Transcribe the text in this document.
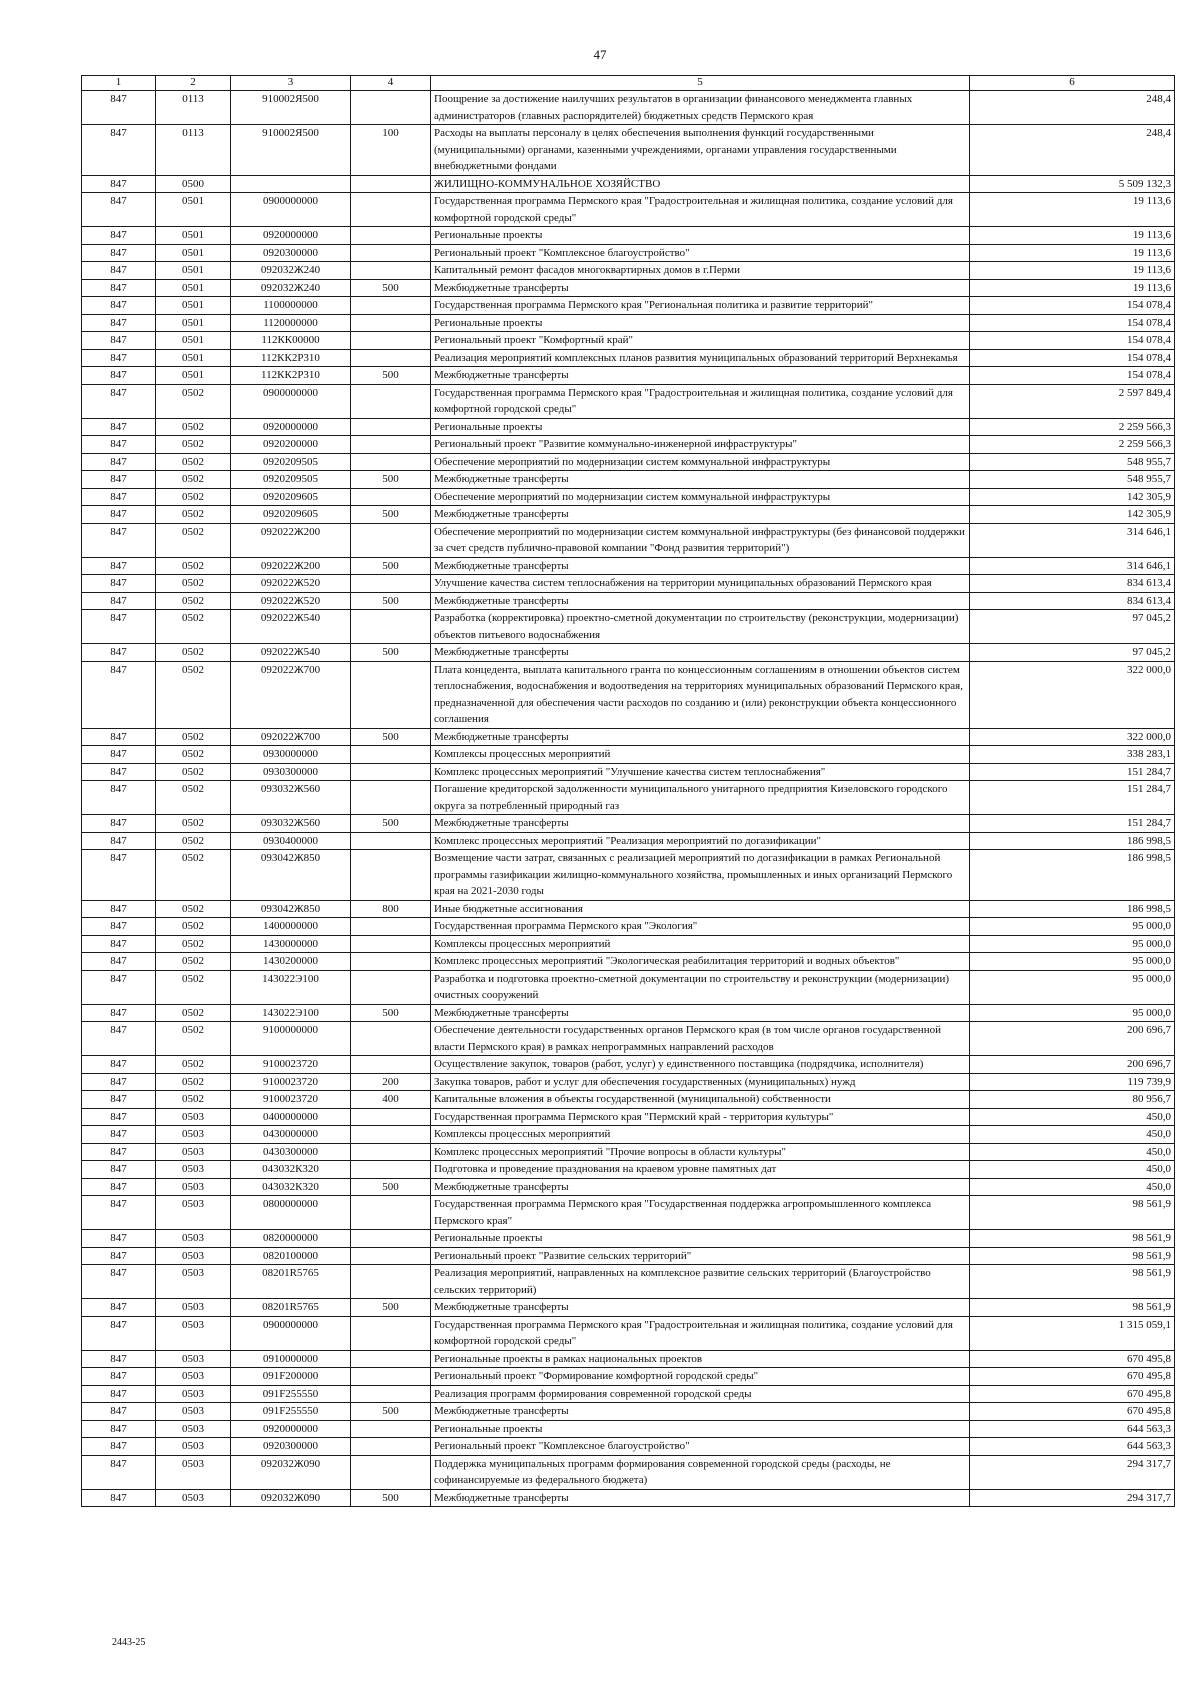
47
1	2	3	4	5	6
847	0113	910002Я500		Поощрение за достижение наилучших результатов в организации финансового менеджмента главных администраторов (главных распорядителей) бюджетных средств Пермского края	248,4
847	0113	910002Я500	100	Расходы на выплаты персоналу в целях обеспечения выполнения функций государственными (муниципальными) органами, казенными учреждениями, органами управления государственными внебюджетными фондами	248,4
847	0500			ЖИЛИЩНО-КОММУНАЛЬНОЕ ХОЗЯЙСТВО	5 509 132,3
847	0501	0900000000		Государственная программа Пермского края "Градостроительная и жилищная политика, создание условий для комфортной городской среды"	19 113,6
847	0501	0920000000		Региональные проекты	19 113,6
847	0501	0920300000		Региональный проект "Комплексное благоустройство"	19 113,6
847	0501	092032Ж240		Капитальный ремонт фасадов многоквартирных домов в г.Перми	19 113,6
847	0501	092032Ж240	500	Межбюджетные трансферты	19 113,6
847	0501	1100000000		Государственная программа Пермского края "Региональная политика и развитие территорий"	154 078,4
847	0501	1120000000		Региональные проекты	154 078,4
847	0501	112КК00000		Региональный проект "Комфортный край"	154 078,4
847	0501	112КК2Р310		Реализация мероприятий комплексных планов развития муниципальных образований территорий Верхнекамья	154 078,4
847	0501	112КК2Р310	500	Межбюджетные трансферты	154 078,4
847	0502	0900000000		Государственная программа Пермского края "Градостроительная и жилищная политика, создание условий для комфортной городской среды"	2 597 849,4
847	0502	0920000000		Региональные проекты	2 259 566,3
847	0502	0920200000		Региональный проект "Развитие коммунально-инженерной инфраструктуры"	2 259 566,3
847	0502	0920209505		Обеспечение мероприятий по модернизации систем коммунальной инфраструктуры	548 955,7
847	0502	0920209505	500	Межбюджетные трансферты	548 955,7
847	0502	0920209605		Обеспечение мероприятий по модернизации систем коммунальной инфраструктуры	142 305,9
847	0502	0920209605	500	Межбюджетные трансферты	142 305,9
847	0502	092022Ж200		Обеспечение мероприятий по модернизации систем коммунальной инфраструктуры (без финансовой поддержки за счет средств публично-правовой компании "Фонд развития территорий")	314 646,1
847	0502	092022Ж200	500	Межбюджетные трансферты	314 646,1
847	0502	092022Ж520		Улучшение качества систем теплоснабжения на территории муниципальных образований Пермского края	834 613,4
847	0502	092022Ж520	500	Межбюджетные трансферты	834 613,4
847	0502	092022Ж540		Разработка (корректировка) проектно-сметной документации по строительству (реконструкции, модернизации) объектов питьевого водоснабжения	97 045,2
847	0502	092022Ж540	500	Межбюджетные трансферты	97 045,2
847	0502	092022Ж700		Плата концедента, выплата капитального гранта по концессионным соглашениям в отношении объектов систем теплоснабжения, водоснабжения и водоотведения на территориях муниципальных образований Пермского края, предназначенной для обеспечения части расходов по созданию и (или) реконструкции объекта концессионного соглашения	322 000,0
847	0502	092022Ж700	500	Межбюджетные трансферты	322 000,0
847	0502	0930000000		Комплексы процессных мероприятий	338 283,1
847	0502	0930300000		Комплекс процессных мероприятий "Улучшение качества систем теплоснабжения"	151 284,7
847	0502	093032Ж560		Погашение кредиторской задолженности муниципального унитарного предприятия Кизеловского городского округа за потребленный природный газ	151 284,7
847	0502	093032Ж560	500	Межбюджетные трансферты	151 284,7
847	0502	0930400000		Комплекс процессных мероприятий "Реализация мероприятий по догазификации"	186 998,5
847	0502	093042Ж850		Возмещение части затрат, связанных с реализацией мероприятий по догазификации в рамках Региональной программы газификации жилищно-коммунального хозяйства, промышленных и иных организаций Пермского края на 2021-2030 годы	186 998,5
847	0502	093042Ж850	800	Иные бюджетные ассигнования	186 998,5
847	0502	1400000000		Государственная программа Пермского края "Экология"	95 000,0
847	0502	1430000000		Комплексы процессных мероприятий	95 000,0
847	0502	1430200000		Комплекс процессных мероприятий "Экологическая реабилитация территорий и водных объектов"	95 000,0
847	0502	143022Э100		Разработка и подготовка проектно-сметной документации по строительству и реконструкции (модернизации) очистных сооружений	95 000,0
847	0502	143022Э100	500	Межбюджетные трансферты	95 000,0
847	0502	9100000000		Обеспечение деятельности государственных органов Пермского края (в том числе органов государственной власти Пермского края) в рамках непрограммных направлений расходов	200 696,7
847	0502	9100023720		Осуществление закупок, товаров (работ, услуг) у единственного поставщика (подрядчика, исполнителя)	200 696,7
847	0502	9100023720	200	Закупка товаров, работ и услуг для обеспечения государственных (муниципальных) нужд	119 739,9
847	0502	9100023720	400	Капитальные вложения в объекты государственной (муниципальной) собственности	80 956,7
847	0503	0400000000		Государственная программа Пермского края "Пермский край - территория культуры"	450,0
847	0503	0430000000		Комплексы процессных мероприятий	450,0
847	0503	0430300000		Комплекс процессных мероприятий "Прочие вопросы в области культуры"	450,0
847	0503	043032К320		Подготовка и проведение празднования на краевом уровне памятных дат	450,0
847	0503	043032К320	500	Межбюджетные трансферты	450,0
847	0503	0800000000		Государственная программа Пермского края "Государственная поддержка агропромышленного комплекса Пермского края"	98 561,9
847	0503	0820000000		Региональные проекты	98 561,9
847	0503	0820100000		Региональный проект "Развитие сельских территорий"	98 561,9
847	0503	08201R5765		Реализация мероприятий, направленных на комплексное развитие сельских территорий (Благоустройство сельских территорий)	98 561,9
847	0503	08201R5765	500	Межбюджетные трансферты	98 561,9
847	0503	0900000000		Государственная программа Пермского края "Градостроительная и жилищная политика, создание условий для комфортной городской среды"	1 315 059,1
847	0503	0910000000		Региональные проекты в рамках национальных проектов	670 495,8
847	0503	091F200000		Региональный проект "Формирование комфортной городской среды"	670 495,8
847	0503	091F255550		Реализация программ формирования современной городской среды	670 495,8
847	0503	091F255550	500	Межбюджетные трансферты	670 495,8
847	0503	0920000000		Региональные проекты	644 563,3
847	0503	0920300000		Региональный проект "Комплексное благоустройство"	644 563,3
847	0503	092032Ж090		Поддержка муниципальных программ формирования современной городской среды (расходы, не софинансируемые из федерального бюджета)	294 317,7
847	0503	092032Ж090	500	Межбюджетные трансферты	294 317,7
2443-25
